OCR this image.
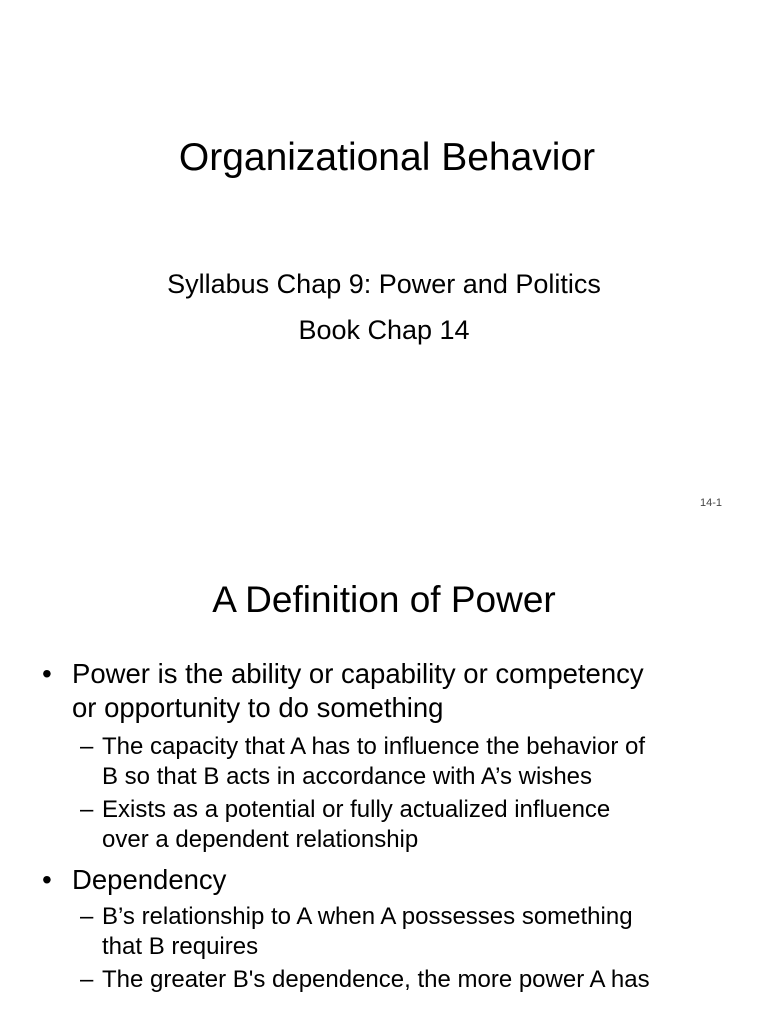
Organizational Behavior
Syllabus Chap 9: Power and Politics
Book Chap 14
14-1
A Definition of Power
• Power is the ability or capability or competency
or opportunity to do something
– The capacity that A has to influence the behavior of
B so that B acts in accordance with A’s wishes
– Exists as a potential or fully actualized influence
over a dependent relationship
• Dependency
– B’s relationship to A when A possesses something
that B requires
– The greater B's dependence, the more power A has
